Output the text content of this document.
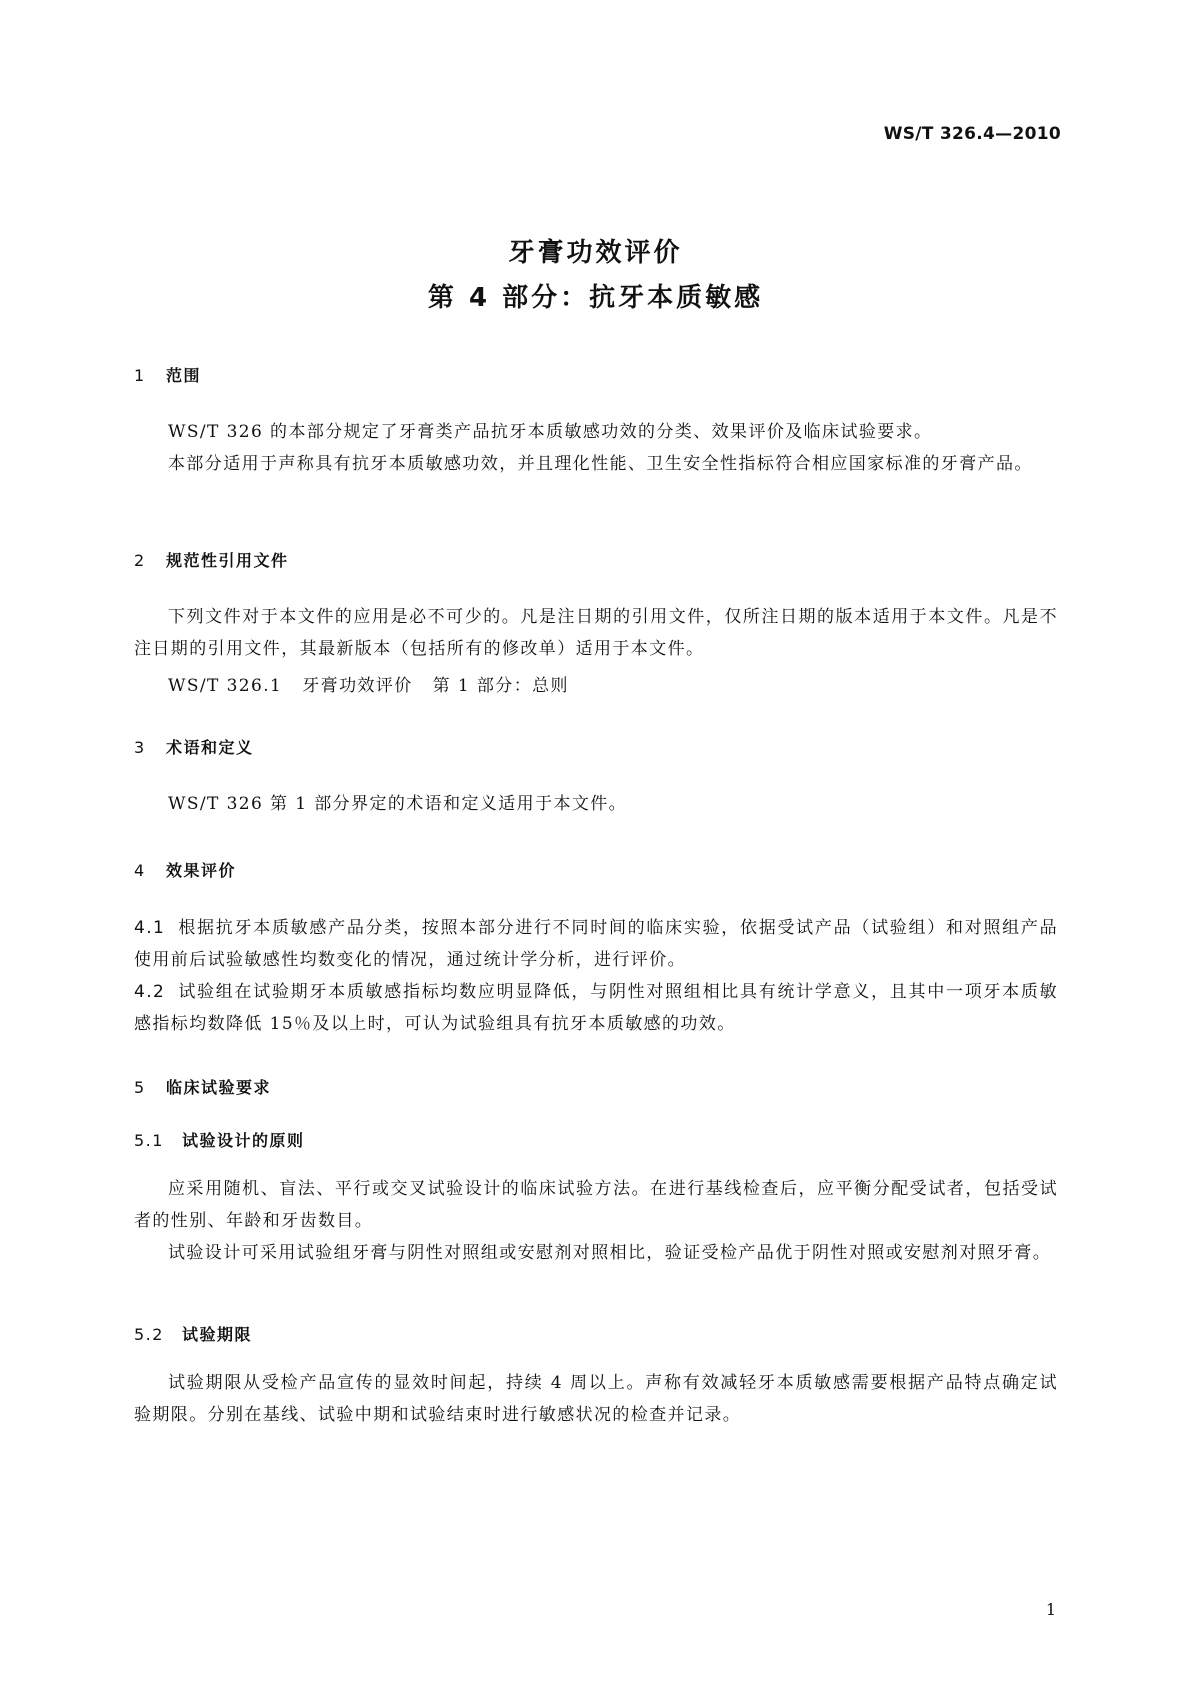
WS/T 326.4—2010
牙膏功效评价
第 4 部分：抗牙本质敏感
1 范围
WS/T 326 的本部分规定了牙膏类产品抗牙本质敏感功效的分类、效果评价及临床试验要求。
本部分适用于声称具有抗牙本质敏感功效，并且理化性能、卫生安全性指标符合相应国家标准的牙膏产品。
2 规范性引用文件
下列文件对于本文件的应用是必不可少的。凡是注日期的引用文件，仅所注日期的版本适用于本文件。凡是不注日期的引用文件，其最新版本（包括所有的修改单）适用于本文件。
WS/T 326.1 牙膏功效评价 第 1 部分：总则
3 术语和定义
WS/T 326 第 1 部分界定的术语和定义适用于本文件。
4 效果评价
4.1 根据抗牙本质敏感产品分类，按照本部分进行不同时间的临床实验，依据受试产品（试验组）和对照组产品使用前后试验敏感性均数变化的情况，通过统计学分析，进行评价。
4.2 试验组在试验期牙本质敏感指标均数应明显降低，与阴性对照组相比具有统计学意义，且其中一项牙本质敏感指标均数降低 15％及以上时，可认为试验组具有抗牙本质敏感的功效。
5 临床试验要求
5.1 试验设计的原则
应采用随机、盲法、平行或交叉试验设计的临床试验方法。在进行基线检查后，应平衡分配受试者，包括受试者的性别、年龄和牙齿数目。
试验设计可采用试验组牙膏与阴性对照组或安慰剂对照相比，验证受检产品优于阴性对照或安慰剂对照牙膏。
5.2 试验期限
试验期限从受检产品宣传的显效时间起，持续 4 周以上。声称有效减轻牙本质敏感需要根据产品特点确定试验期限。分别在基线、试验中期和试验结束时进行敏感状况的检查并记录。
1
